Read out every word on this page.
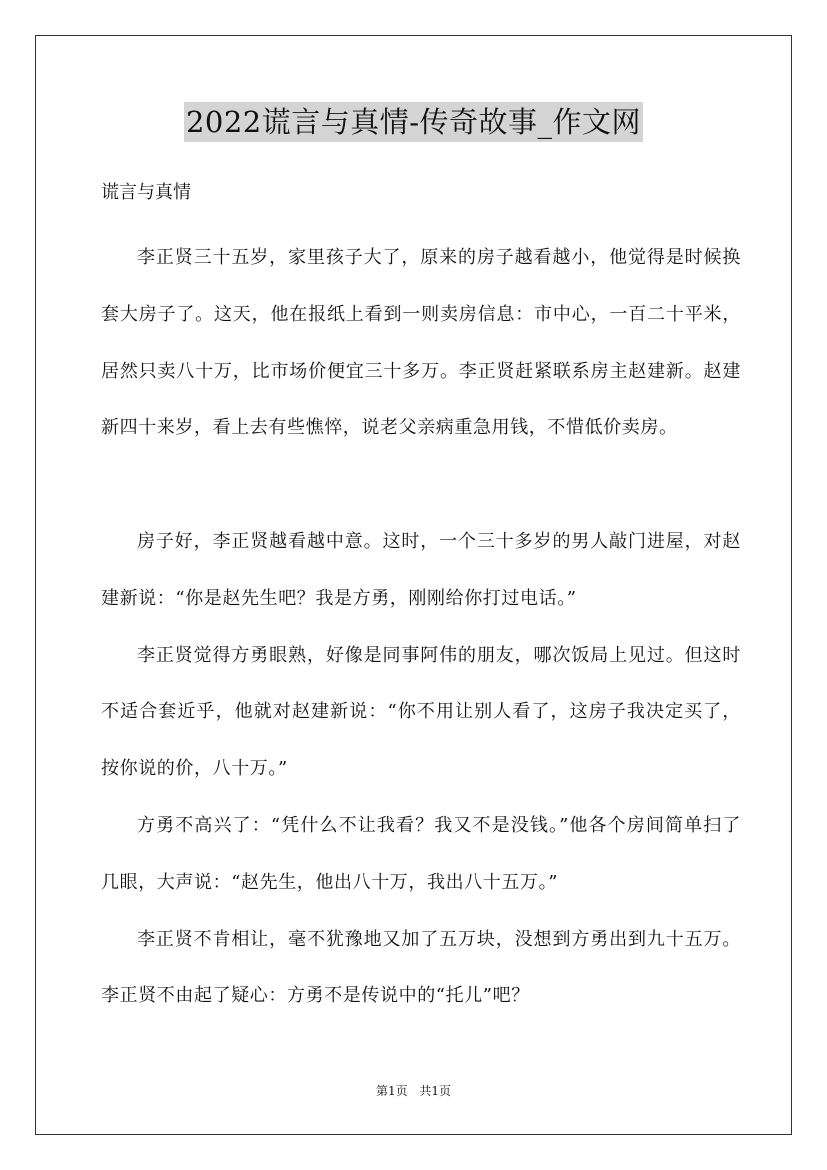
2022谎言与真情-传奇故事_作文网
谎言与真情

李正贤三十五岁，家里孩子大了，原来的房子越看越小，他觉得是时候换套大房子了。这天，他在报纸上看到一则卖房信息：市中心，一百二十平米，居然只卖八十万，比市场价便宜三十多万。李正贤赶紧联系房主赵建新。赵建新四十来岁，看上去有些憔悴，说老父亲病重急用钱，不惜低价卖房。

房子好，李正贤越看越中意。这时，一个三十多岁的男人敲门进屋，对赵建新说：“你是赵先生吧？我是方勇，刚刚给你打过电话。”

李正贤觉得方勇眼熟，好像是同事阿伟的朋友，哪次饭局上见过。但这时不适合套近乎，他就对赵建新说：“你不用让别人看了，这房子我决定买了，按你说的价，八十万。”

方勇不高兴了：“凭什么不让我看？我又不是没钱。”他各个房间简单扫了几眼，大声说：“赵先生，他出八十万，我出八十五万。”

李正贤不肯相让，毫不犹豫地又加了五万块，没想到方勇出到九十五万。李正贤不由起了疑心：方勇不是传说中的“托儿”吧？

第1页 共1页
